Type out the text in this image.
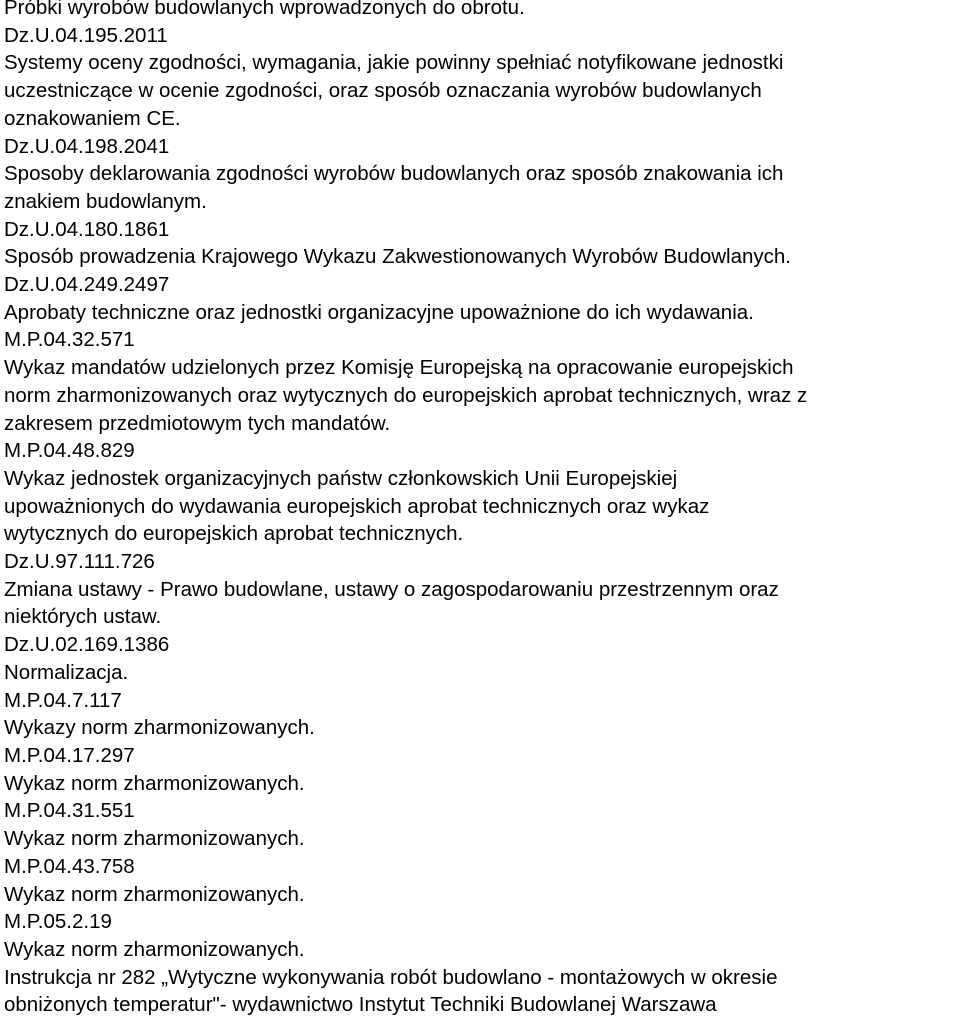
Próbki wyrobów budowlanych wprowadzonych do obrotu.
Dz.U.04.195.2011
Systemy oceny zgodności, wymagania, jakie powinny spełniać notyfikowane jednostki
uczestniczące w ocenie zgodności, oraz sposób oznaczania wyrobów budowlanych
oznakowaniem CE.
Dz.U.04.198.2041
Sposoby deklarowania zgodności wyrobów budowlanych oraz sposób znakowania ich
znakiem budowlanym.
Dz.U.04.180.1861
Sposób prowadzenia Krajowego Wykazu Zakwestionowanych Wyrobów Budowlanych.
Dz.U.04.249.2497
Aprobaty techniczne oraz jednostki organizacyjne upoważnione do ich wydawania.
M.P.04.32.571
Wykaz mandatów udzielonych przez Komisję Europejską na opracowanie europejskich
norm zharmonizowanych oraz wytycznych do europejskich aprobat technicznych, wraz z
zakresem przedmiotowym tych mandatów.
M.P.04.48.829
Wykaz jednostek organizacyjnych państw członkowskich Unii Europejskiej
upoważnionych do wydawania europejskich aprobat technicznych oraz wykaz
wytycznych do europejskich aprobat technicznych.
Dz.U.97.111.726
Zmiana ustawy - Prawo budowlane, ustawy o zagospodarowaniu przestrzennym oraz
niektórych ustaw.
Dz.U.02.169.1386
Normalizacja.
M.P.04.7.117
Wykazy norm zharmonizowanych.
M.P.04.17.297
Wykaz norm zharmonizowanych.
M.P.04.31.551
Wykaz norm zharmonizowanych.
M.P.04.43.758
Wykaz norm zharmonizowanych.
M.P.05.2.19
Wykaz norm zharmonizowanych.
Instrukcja nr 282 „Wytyczne wykonywania robót budowlano - montażowych w okresie
obniżonych temperatur"- wydawnictwo Instytut Techniki Budowlanej Warszawa
